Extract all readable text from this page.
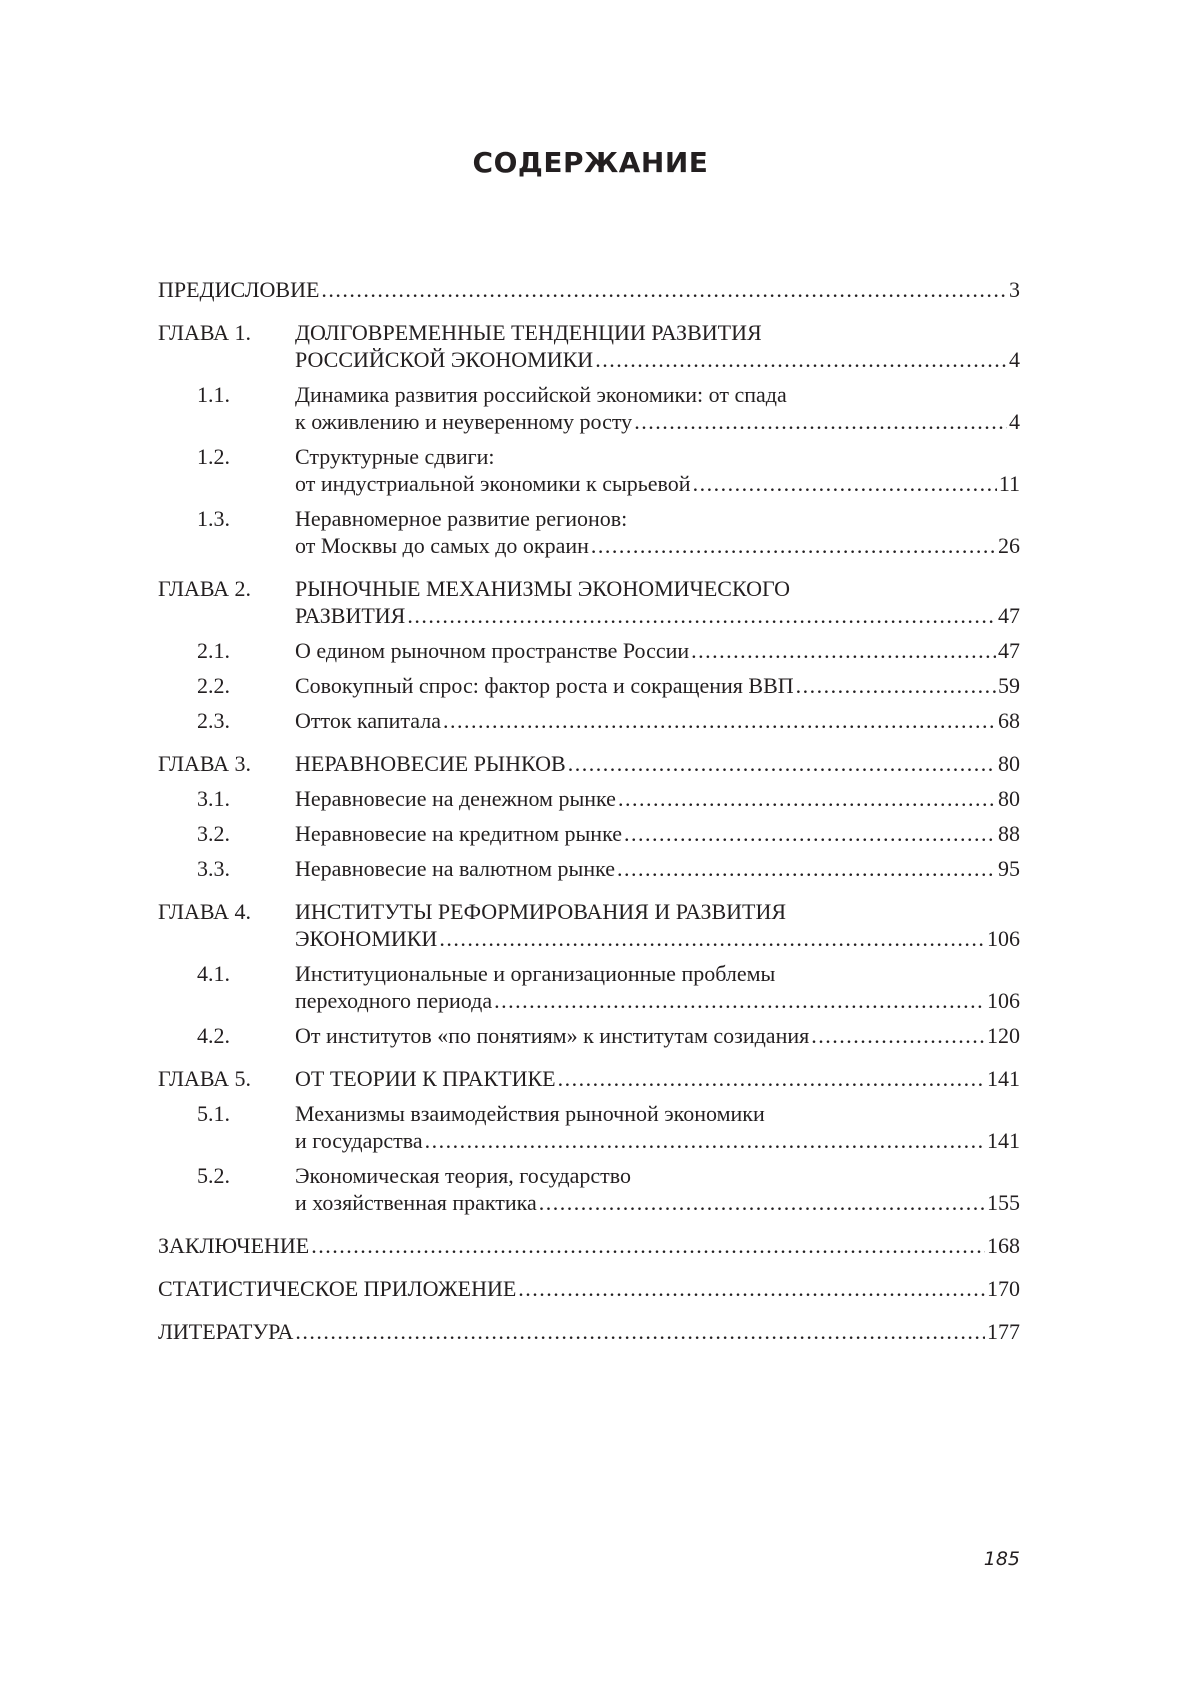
СОДЕРЖАНИЕ
ПРЕДИСЛОВИЕ .....	3
ГЛАВА 1.	ДОЛГОВРЕМЕННЫЕ ТЕНДЕНЦИИ РАЗВИТИЯ
РОССИЙСКОЙ ЭКОНОМИКИ .....	4
1.1.	Динамика развития российской экономики: от спада
к оживлению и неуверенному росту .....	4
1.2.	Структурные сдвиги:
от индустриальной экономики к сырьевой .....	11
1.3.	Неравномерное развитие регионов:
от Москвы до самых до окраин .....	26
ГЛАВА 2.	РЫНОЧНЫЕ МЕХАНИЗМЫ ЭКОНОМИЧЕСКОГО
РАЗВИТИЯ .....	47
2.1.	О едином рыночном пространстве России .....	47
2.2.	Совокупный спрос: фактор роста и сокращения ВВП .....	59
2.3.	Отток капитала .....	68
ГЛАВА 3.	НЕРАВНОВЕСИЕ РЫНКОВ .....	80
3.1.	Неравновесие на денежном рынке .....	80
3.2.	Неравновесие на кредитном рынке .....	88
3.3.	Неравновесие на валютном рынке .....	95
ГЛАВА 4.	ИНСТИТУТЫ РЕФОРМИРОВАНИЯ И РАЗВИТИЯ
ЭКОНОМИКИ .....	106
4.1.	Институциональные и организационные проблемы
переходного периода .....	106
4.2.	От институтов «по понятиям» к институтам созидания .....	120
ГЛАВА 5.	ОТ ТЕОРИИ К ПРАКТИКЕ .....	141
5.1.	Механизмы взаимодействия рыночной экономики
и государства .....	141
5.2.	Экономическая теория, государство
и хозяйственная практика .....	155
ЗАКЛЮЧЕНИЕ .....	168
СТАТИСТИЧЕСКОЕ ПРИЛОЖЕНИЕ .....	170
ЛИТЕРАТУРА .....	177
185
